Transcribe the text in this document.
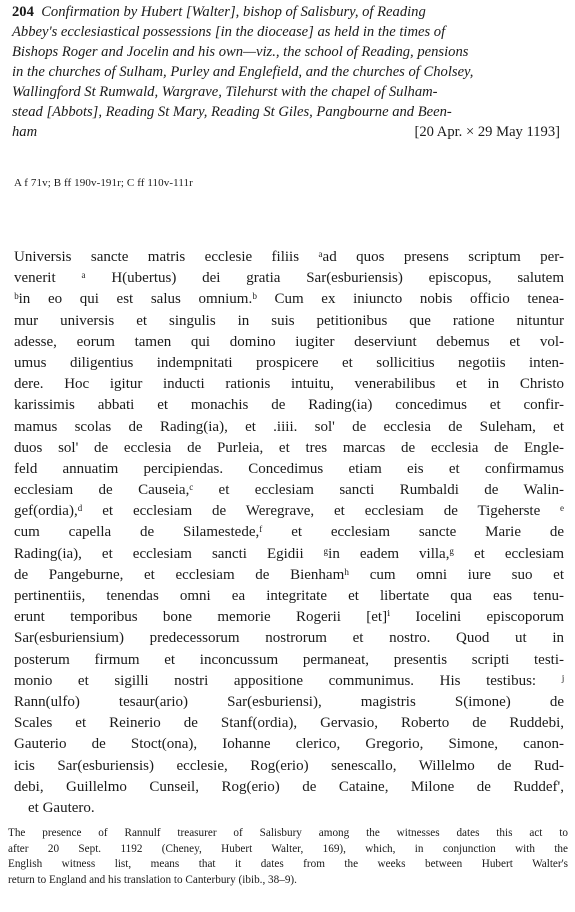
204 Confirmation by Hubert [Walter], bishop of Salisbury, of Reading
Abbey's ecclesiastical possessions [in the diocease] as held in the times of
Bishops Roger and Jocelin and his own—viz., the school of Reading, pensions
in the churches of Sulham, Purley and Englefield, and the churches of Cholsey,
Wallingford St Rumwald, Wargrave, Tilehurst with the chapel of Sulham-
stead [Abbots], Reading St Mary, Reading St Giles, Pangbourne and Been-
ham	[20 Apr. × 29 May 1193]
A f 71v; B ff 190v-191r; C ff 110v-111r
Universis sancte matris ecclesie filiis ᵃad quos presens scriptum per-
venerit ᵃ H(ubertus) dei gratia Sar(esburiensis) episcopus, salutem
ᵇin eo qui est salus omnium.ᵇ Cum ex iniuncto nobis officio tenea-
mur universis et singulis in suis petitionibus que ratione nituntur
adesse, eorum tamen qui domino iugiter deserviunt debemus et vol-
umus diligentius indempnitati prospicere et sollicitius negotiis inten-
dere. Hoc igitur inducti rationis intuitu, venerabilibus et in Christo
karissimis abbati et monachis de Rading(ia) concedimus et confir-
mamus scolas de Rading(ia), et .iiii. sol' de ecclesia de Suleham, et
duos sol' de ecclesia de Purleia, et tres marcas de ecclesia de Engle-
feld annuatim percipiendas. Concedimus etiam eis et confirmamus
ecclesiam de Causeia,ᶜ et ecclesiam sancti Rumbaldi de Walin-
gef(ordia),ᵈ et ecclesiam de Weregrave, et ecclesiam de Tigeherste ᵉ
cum capella de Silamestede,ᶠ et ecclesiam sancte Marie de
Rading(ia), et ecclesiam sancti Egidii ᵍin eadem villa,ᵍ et ecclesiam
de Pangeburne, et ecclesiam de Bienhamʰ cum omni iure suo et
pertinentiis, tenendas omni ea integritate et libertate qua eas tenu-
erunt temporibus bone memorie Rogerii [et]ⁱ Iocelini episcoporum
Sar(esburiensium) predecessorum nostrorum et nostro. Quod ut in
posterum firmum et inconcussum permaneat, presentis scripti testi-
monio et sigilli nostri appositione communimus. His testibus: ʲ
Rann(ulfo) tesaur(ario) Sar(esburiensi), magistris S(imone) de
Scales et Reinerio de Stanf(ordia), Gervasio, Roberto de Ruddebi,
Gauterio de Stoct(ona), Iohanne clerico, Gregorio, Simone, canon-
icis Sar(esburiensis) ecclesie, Rog(erio) senescallo, Willelmo de Rud-
debi, Guillelmo Cunseil, Rog(erio) de Cataine, Milone de Ruddef',
et Gautero.
The presence of Rannulf treasurer of Salisbury among the witnesses dates this act to
after 20 Sept. 1192 (Cheney, Hubert Walter, 169), which, in conjunction with the
English witness list, means that it dates from the weeks between Hubert Walter's
return to England and his translation to Canterbury (ibib., 38–9).
